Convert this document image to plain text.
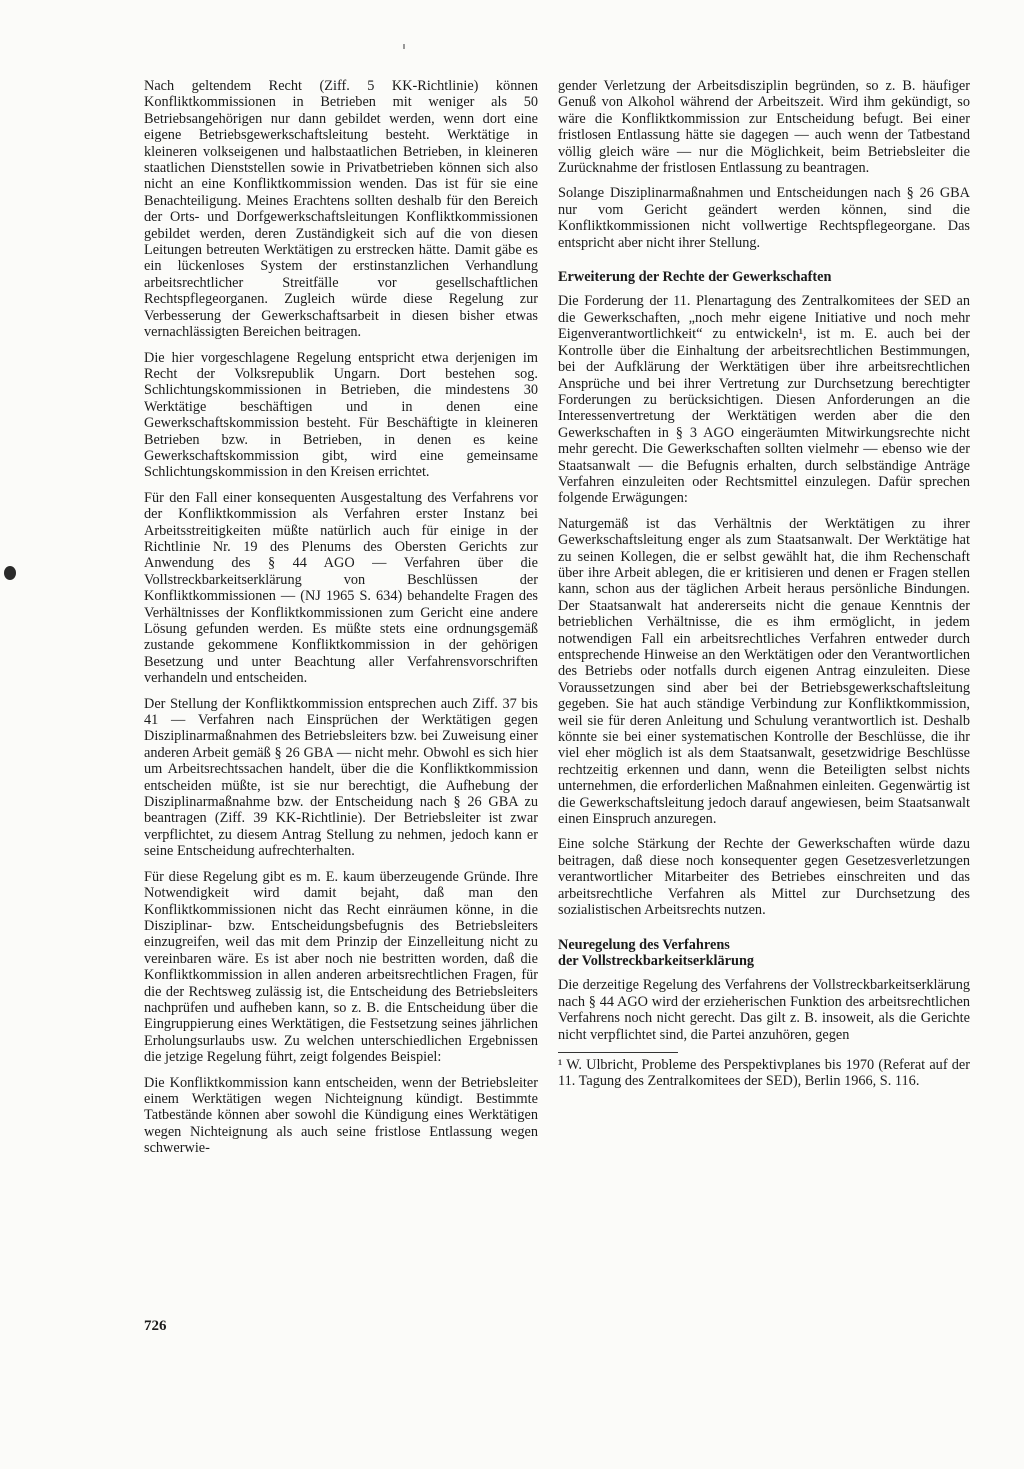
Nach geltendem Recht (Ziff. 5 KK-Richtlinie) können Konfliktkommissionen in Betrieben mit weniger als 50 Betriebsangehörigen nur dann gebildet werden, wenn dort eine eigene Betriebsgewerkschaftsleitung besteht. Werktätige in kleineren volkseigenen und halbstaatlichen Betrieben, in kleineren staatlichen Dienststellen sowie in Privatbetrieben können sich also nicht an eine Konfliktkommission wenden. Das ist für sie eine Benachteiligung. Meines Erachtens sollten deshalb für den Bereich der Orts- und Dorfgewerkschaftsleitungen Konfliktkommissionen gebildet werden, deren Zuständigkeit sich auf die von diesen Leitungen betreuten Werktätigen zu erstrecken hätte. Damit gäbe es ein lückenloses System der erstinstanzlichen Verhandlung arbeitsrechtlicher Streitfälle vor gesellschaftlichen Rechtspflegeorganen. Zugleich würde diese Regelung zur Verbesserung der Gewerkschaftsarbeit in diesen bisher etwas vernachlässigten Bereichen beitragen.

Die hier vorgeschlagene Regelung entspricht etwa derjenigen im Recht der Volksrepublik Ungarn. Dort bestehen sog. Schlichtungskommissionen in Betrieben, die mindestens 30 Werktätige beschäftigen und in denen eine Gewerkschaftskommission besteht. Für Beschäftigte in kleineren Betrieben bzw. in Betrieben, in denen es keine Gewerkschaftskommission gibt, wird eine gemeinsame Schlichtungskommission in den Kreisen errichtet.

Für den Fall einer konsequenten Ausgestaltung des Verfahrens vor der Konfliktkommission als Verfahren erster Instanz bei Arbeitsstreitigkeiten müßte natürlich auch für einige in der Richtlinie Nr. 19 des Plenums des Obersten Gerichts zur Anwendung des § 44 AGO — Verfahren über die Vollstreckbarkeitserklärung von Beschlüssen der Konfliktkommissionen — (NJ 1965 S. 634) behandelte Fragen des Verhältnisses der Konfliktkommissionen zum Gericht eine andere Lösung gefunden werden. Es müßte stets eine ordnungsgemäß zustande gekommene Konfliktkommission in der gehörigen Besetzung und unter Beachtung aller Verfahrensvorschriften verhandeln und entscheiden.

Der Stellung der Konfliktkommission entsprechen auch Ziff. 37 bis 41 — Verfahren nach Einsprüchen der Werktätigen gegen Disziplinarmaßnahmen des Betriebsleiters bzw. bei Zuweisung einer anderen Arbeit gemäß § 26 GBA — nicht mehr. Obwohl es sich hier um Arbeitsrechtssachen handelt, über die die Konfliktkommission entscheiden müßte, ist sie nur berechtigt, die Aufhebung der Disziplinarmaßnahme bzw. der Entscheidung nach § 26 GBA zu beantragen (Ziff. 39 KK-Richtlinie). Der Betriebsleiter ist zwar verpflichtet, zu diesem Antrag Stellung zu nehmen, jedoch kann er seine Entscheidung aufrechterhalten.

Für diese Regelung gibt es m. E. kaum überzeugende Gründe. Ihre Notwendigkeit wird damit bejaht, daß man den Konfliktkommissionen nicht das Recht einräumen könne, in die Disziplinar- bzw. Entscheidungsbefugnis des Betriebsleiters einzugreifen, weil das mit dem Prinzip der Einzelleitung nicht zu vereinbaren wäre. Es ist aber noch nie bestritten worden, daß die Konfliktkommission in allen anderen arbeitsrechtlichen Fragen, für die der Rechtsweg zulässig ist, die Entscheidung des Betriebsleiters nachprüfen und aufheben kann, so z. B. die Entscheidung über die Eingruppierung eines Werktätigen, die Festsetzung seines jährlichen Erholungsurlaubs usw. Zu welchen unterschiedlichen Ergebnissen die jetzige Regelung führt, zeigt folgendes Beispiel:

Die Konfliktkommission kann entscheiden, wenn der Betriebsleiter einem Werktätigen wegen Nichteignung kündigt. Bestimmte Tatbestände können aber sowohl die Kündigung eines Werktätigen wegen Nichteignung als auch seine fristlose Entlassung wegen schwerwie-

gender Verletzung der Arbeitsdisziplin begründen, so z. B. häufiger Genuß von Alkohol während der Arbeitszeit. Wird ihm gekündigt, so wäre die Konfliktkommission zur Entscheidung befugt. Bei einer fristlosen Entlassung hätte sie dagegen — auch wenn der Tatbestand völlig gleich wäre — nur die Möglichkeit, beim Betriebsleiter die Zurücknahme der fristlosen Entlassung zu beantragen.

Solange Disziplinarmaßnahmen und Entscheidungen nach § 26 GBA nur vom Gericht geändert werden können, sind die Konfliktkommissionen nicht vollwertige Rechtspflegeorgane. Das entspricht aber nicht ihrer Stellung.

Erweiterung der Rechte der Gewerkschaften

Die Forderung der 11. Plenartagung des Zentralkomitees der SED an die Gewerkschaften, „noch mehr eigene Initiative und noch mehr Eigenverantwortlichkeit“ zu entwickeln¹, ist m. E. auch bei der Kontrolle über die Einhaltung der arbeitsrechtlichen Bestimmungen, bei der Aufklärung der Werktätigen über ihre arbeitsrechtlichen Ansprüche und bei ihrer Vertretung zur Durchsetzung berechtigter Forderungen zu berücksichtigen. Diesen Anforderungen an die Interessenvertretung der Werktätigen werden aber die den Gewerkschaften in § 3 AGO eingeräumten Mitwirkungsrechte nicht mehr gerecht. Die Gewerkschaften sollten vielmehr — ebenso wie der Staatsanwalt — die Befugnis erhalten, durch selbständige Anträge Verfahren einzuleiten oder Rechtsmittel einzulegen. Dafür sprechen folgende Erwägungen:

Naturgemäß ist das Verhältnis der Werktätigen zu ihrer Gewerkschaftsleitung enger als zum Staatsanwalt. Der Werktätige hat zu seinen Kollegen, die er selbst gewählt hat, die ihm Rechenschaft über ihre Arbeit ablegen, die er kritisieren und denen er Fragen stellen kann, schon aus der täglichen Arbeit heraus persönliche Bindungen. Der Staatsanwalt hat andererseits nicht die genaue Kenntnis der betrieblichen Verhältnisse, die es ihm ermöglicht, in jedem notwendigen Fall ein arbeitsrechtliches Verfahren entweder durch entsprechende Hinweise an den Werktätigen oder den Verantwortlichen des Betriebs oder notfalls durch eigenen Antrag einzuleiten. Diese Voraussetzungen sind aber bei der Betriebsgewerkschaftsleitung gegeben. Sie hat auch ständige Verbindung zur Konfliktkommission, weil sie für deren Anleitung und Schulung verantwortlich ist. Deshalb könnte sie bei einer systematischen Kontrolle der Beschlüsse, die ihr viel eher möglich ist als dem Staatsanwalt, gesetzwidrige Beschlüsse rechtzeitig erkennen und dann, wenn die Beteiligten selbst nichts unternehmen, die erforderlichen Maßnahmen einleiten. Gegenwärtig ist die Gewerkschaftsleitung jedoch darauf angewiesen, beim Staatsanwalt einen Einspruch anzuregen.

Eine solche Stärkung der Rechte der Gewerkschaften würde dazu beitragen, daß diese noch konsequenter gegen Gesetzesverletzungen verantwortlicher Mitarbeiter des Betriebes einschreiten und das arbeitsrechtliche Verfahren als Mittel zur Durchsetzung des sozialistischen Arbeitsrechts nutzen.

Neuregelung des Verfahrens
der Vollstreckbarkeitserklärung

Die derzeitige Regelung des Verfahrens der Vollstreckbarkeitserklärung nach § 44 AGO wird der erzieherischen Funktion des arbeitsrechtlichen Verfahrens noch nicht gerecht. Das gilt z. B. insoweit, als die Gerichte nicht verpflichtet sind, die Partei anzuhören, gegen

¹ W. Ulbricht, Probleme des Perspektivplanes bis 1970 (Referat auf der 11. Tagung des Zentralkomitees der SED), Berlin 1966, S. 116.

726
